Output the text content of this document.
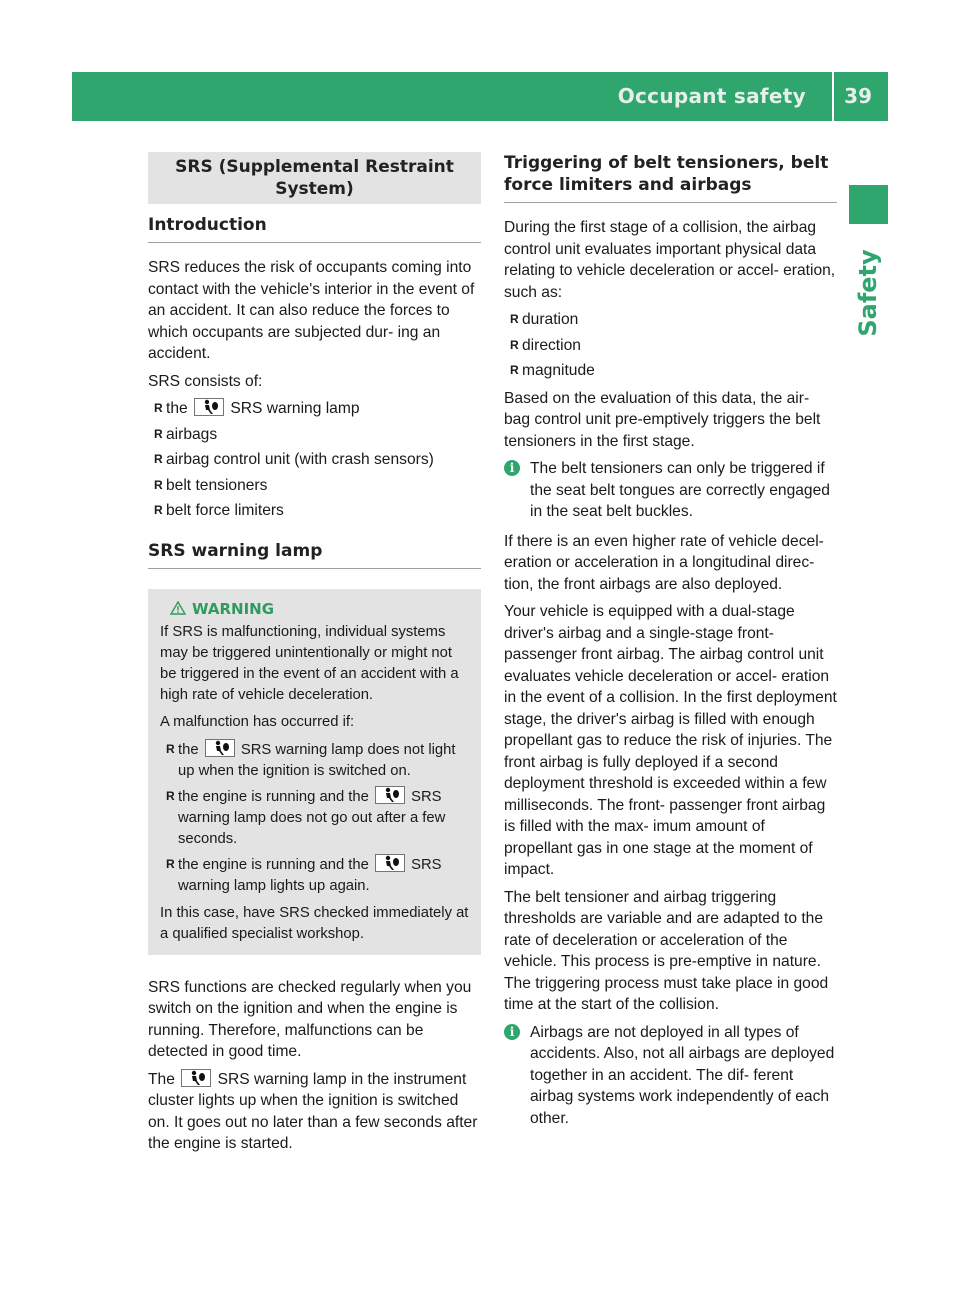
Occupant safety 39
Safety
SRS (Supplemental Restraint System)
Introduction

SRS reduces the risk of occupants coming into contact with the vehicle's interior in the event of an accident. It can also reduce the forces to which occupants are subjected dur- ing an accident.

SRS consists of:

R the	SRS warning lamp
R airbags
R airbag control unit (with crash sensors)
R belt tensioners
R belt force limiters
SRS warning lamp
WARNING

If SRS is malfunctioning, individual systems may be triggered unintentionally or might not be triggered in the event of an accident with a high rate of vehicle deceleration.

A malfunction has occurred if:

R the	SRS warning lamp does not light up when the ignition is switched on.
R the engine is running and the	SRS warning lamp does not go out after a few seconds.
R the engine is running and the	SRS warning lamp lights up again.

In this case, have SRS checked immediately at a qualified specialist workshop.

SRS functions are checked regularly when you switch on the ignition and when the engine is running. Therefore, malfunctions can be detected in good time.

The	SRS warning lamp in the instrument cluster lights up when the ignition is switched on. It goes out no later than a few seconds after the engine is started.

Triggering of belt tensioners, belt force limiters and airbags

During the first stage of a collision, the airbag control unit evaluates important physical data relating to vehicle deceleration or accel- eration, such as:

R duration
R direction
R magnitude

Based on the evaluation of this data, the air- bag control unit pre-emptively triggers the belt tensioners in the first stage.

i	The belt tensioners can only be triggered if the seat belt tongues are correctly engaged in the seat belt buckles.

If there is an even higher rate of vehicle decel- eration or acceleration in a longitudinal direc- tion, the front airbags are also deployed.

Your vehicle is equipped with a dual-stage driver's airbag and a single-stage front- passenger front airbag. The airbag control unit evaluates vehicle deceleration or accel- eration in the event of a collision. In the first deployment stage, the driver's airbag is filled with enough propellant gas to reduce the risk of injuries. The front airbag is fully deployed if a second deployment threshold is exceeded within a few milliseconds. The front- passenger front airbag is filled with the max- imum amount of propellant gas in one stage at the moment of impact.

The belt tensioner and airbag triggering thresholds are variable and are adapted to the rate of deceleration or acceleration of the vehicle. This process is pre-emptive in nature. The triggering process must take place in good time at the start of the collision.

i	Airbags are not deployed in all types of accidents. Also, not all airbags are deployed together in an accident. The dif- ferent airbag systems work independently of each other.
